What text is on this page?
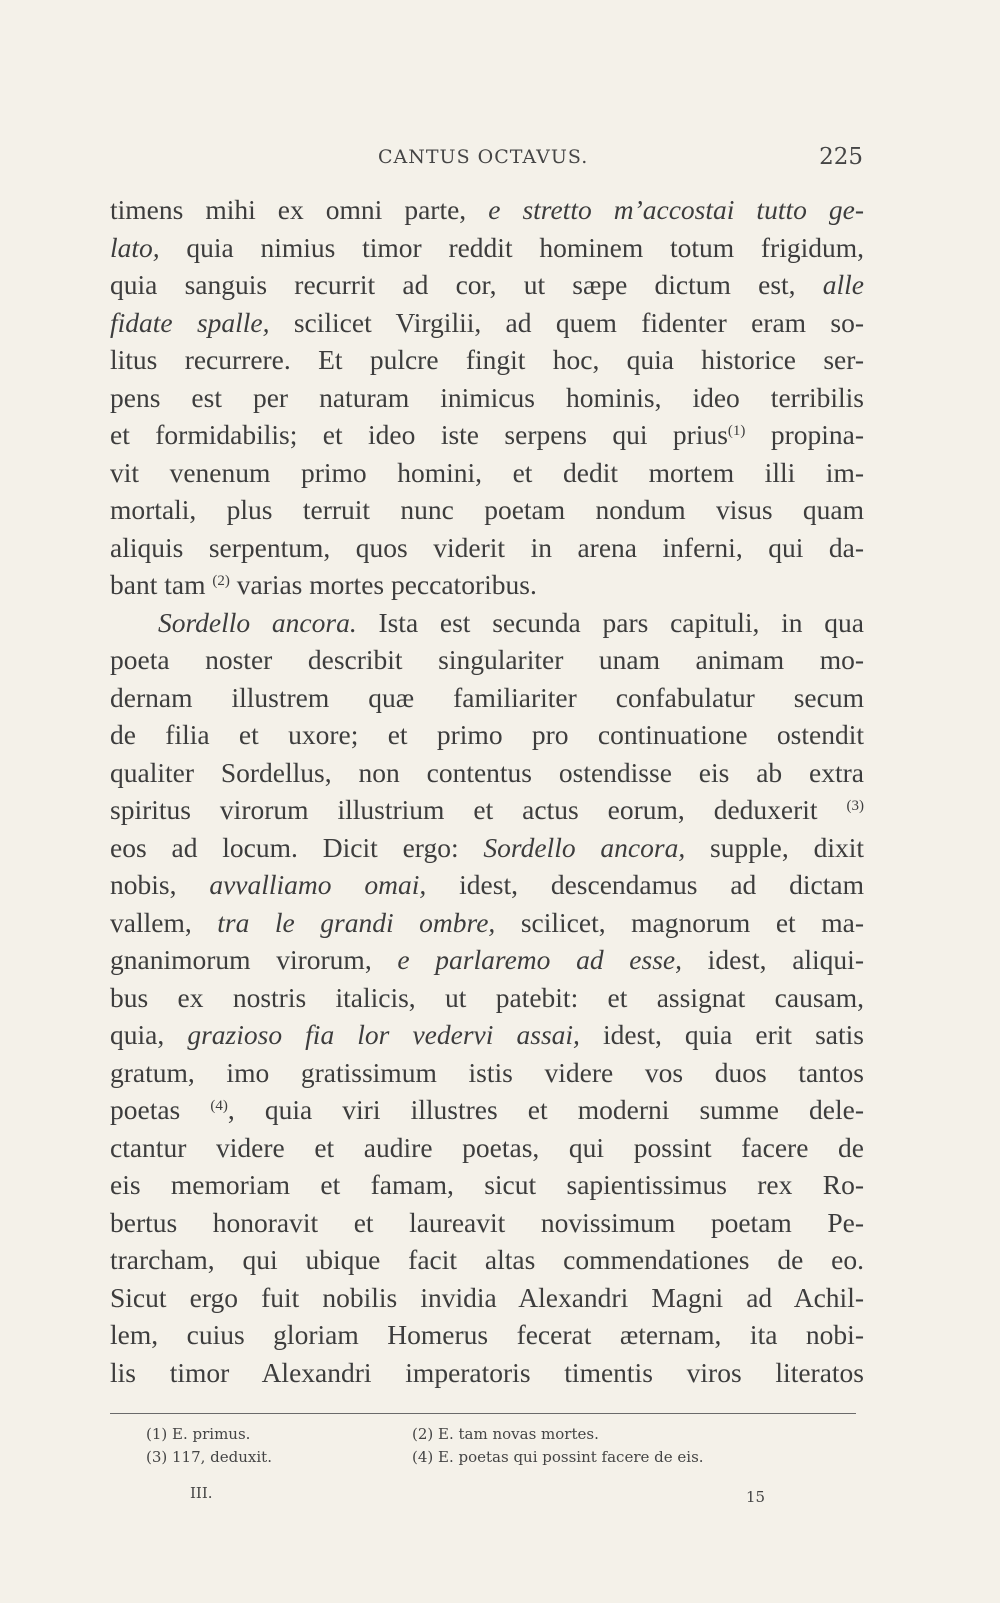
CANTUS OCTAVUS.	225
timens mihi ex omni parte, e stretto m’accostai tutto ge-
lato, quia nimius timor reddit hominem totum frigidum,
quia sanguis recurrit ad cor, ut sæpe dictum est, alle
fidate spalle, scilicet Virgilii, ad quem fidenter eram so-
litus recurrere. Et pulcre fingit hoc, quia historice ser-
pens est per naturam inimicus hominis, ideo terribilis
et formidabilis; et ideo iste serpens qui prius$^{(1)}$ propina-
vit venenum primo homini, et dedit mortem illi im-
mortali, plus terruit nunc poetam nondum visus quam
aliquis serpentum, quos viderit in arena inferni, qui da-
bant tam $^{(2)}$ varias mortes peccatoribus.
Sordello ancora. Ista est secunda pars capituli, in qua
poeta noster describit singulariter unam animam mo-
dernam illustrem quæ familiariter confabulatur secum
de filia et uxore; et primo pro continuatione ostendit
qualiter Sordellus, non contentus ostendisse eis ab extra
spiritus virorum illustrium et actus eorum, deduxerit $^{(3)}$
eos ad locum. Dicit ergo: Sordello ancora, supple, dixit
nobis, avvalliamo omai, idest, descendamus ad dictam
vallem, tra le grandi ombre, scilicet, magnorum et ma-
gnanimorum virorum, e parlaremo ad esse, idest, aliqui-
bus ex nostris italicis, ut patebit: et assignat causam,
quia, grazioso fia lor vedervi assai, idest, quia erit satis
gratum, imo gratissimum istis videre vos duos tantos
poetas $^{(4)}$, quia viri illustres et moderni summe dele-
ctantur videre et audire poetas, qui possint facere de
eis memoriam et famam, sicut sapientissimus rex Ro-
bertus honoravit et laureavit novissimum poetam Pe-
trarcham, qui ubique facit altas commendationes de eo.
Sicut ergo fuit nobilis invidia Alexandri Magni ad Achil-
lem, cuius gloriam Homerus fecerat æternam, ita nobi-
lis timor Alexandri imperatoris timentis viros literatos
(1) E. primus.	(2) E. tam novas mortes.
(3) 117, deduxit.	(4) E. poetas qui possint facere de eis.
III.	15
